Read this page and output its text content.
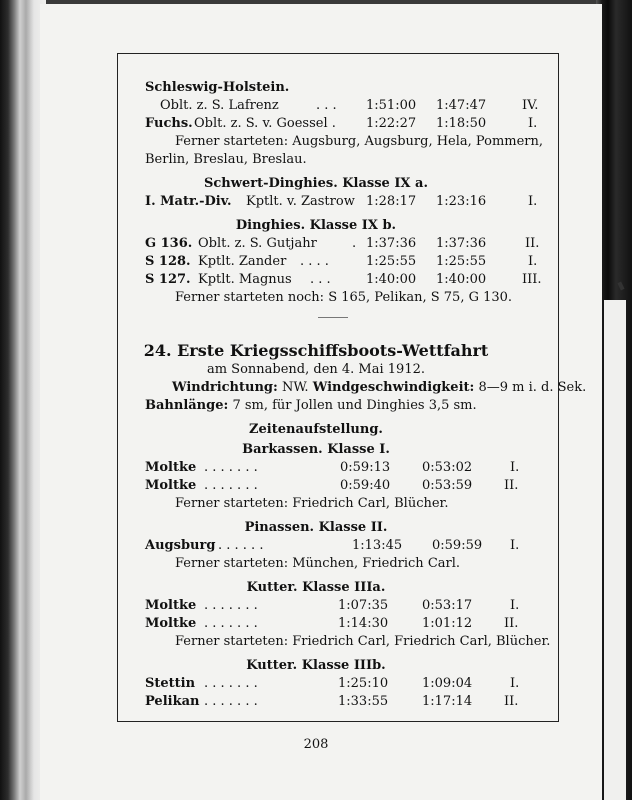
Schleswig-Holstein.
Oblt. z. S. Lafrenz	. . . 1:51:00 1:47:47	IV.
Fuchs. Oblt. z. S. v. Goessel . 1:22:27 1:18:50	I.
Ferner starteten: Augsburg, Augsburg, Hela, Pommern,
Berlin, Breslau, Breslau.
Schwert-Dinghies. Klasse IX a.
I. Matr.-Div. Kptlt. v. Zastrow 1:28:17 1:23:16	I.
Dinghies. Klasse IX b.
G 136. Oblt. z. S. Gutjahr	. 1:37:36 1:37:36	II.
S 128. Kptlt. Zander . . . .	1:25:55 1:25:55	I.
S 127. Kptlt. Magnus . . .	1:40:00 1:40:00	III.
Ferner starteten noch: S 165, Pelikan, S 75, G 130.
24. Erste Kriegsschiffsboots-Wettfahrt
am Sonnabend, den 4. Mai 1912.
Windrichtung: NW. Windgeschwindigkeit: 8—9 m i. d. Sek.
Bahnlänge: 7 sm, für Jollen und Dinghies 3,5 sm.
Zeitenaufstellung.
Barkassen. Klasse I.
Moltke . . . . . . .	0:59:13 0:53:02	I.
Moltke . . . . . . .	0:59:40 0:53:59 II.
Ferner starteten: Friedrich Carl, Blücher.
Pinassen. Klasse II.
Augsburg . . . . . .	1:13:45 0:59:59 I.
Ferner starteten: München, Friedrich Carl.
Kutter. Klasse IIIa.
Moltke . . . . . . .	1:07:35	0:53:17	I.
Moltke . . . . . . .	1:14:30	1:01:12 II.
Ferner starteten: Friedrich Carl, Friedrich Carl, Blücher.
Kutter. Klasse IIIb.
Stettin . . . . . . .	1:25:10	1:09:04	I.
Pelikan . . . . . . .	1:33:55	1:17:14 II.
208
